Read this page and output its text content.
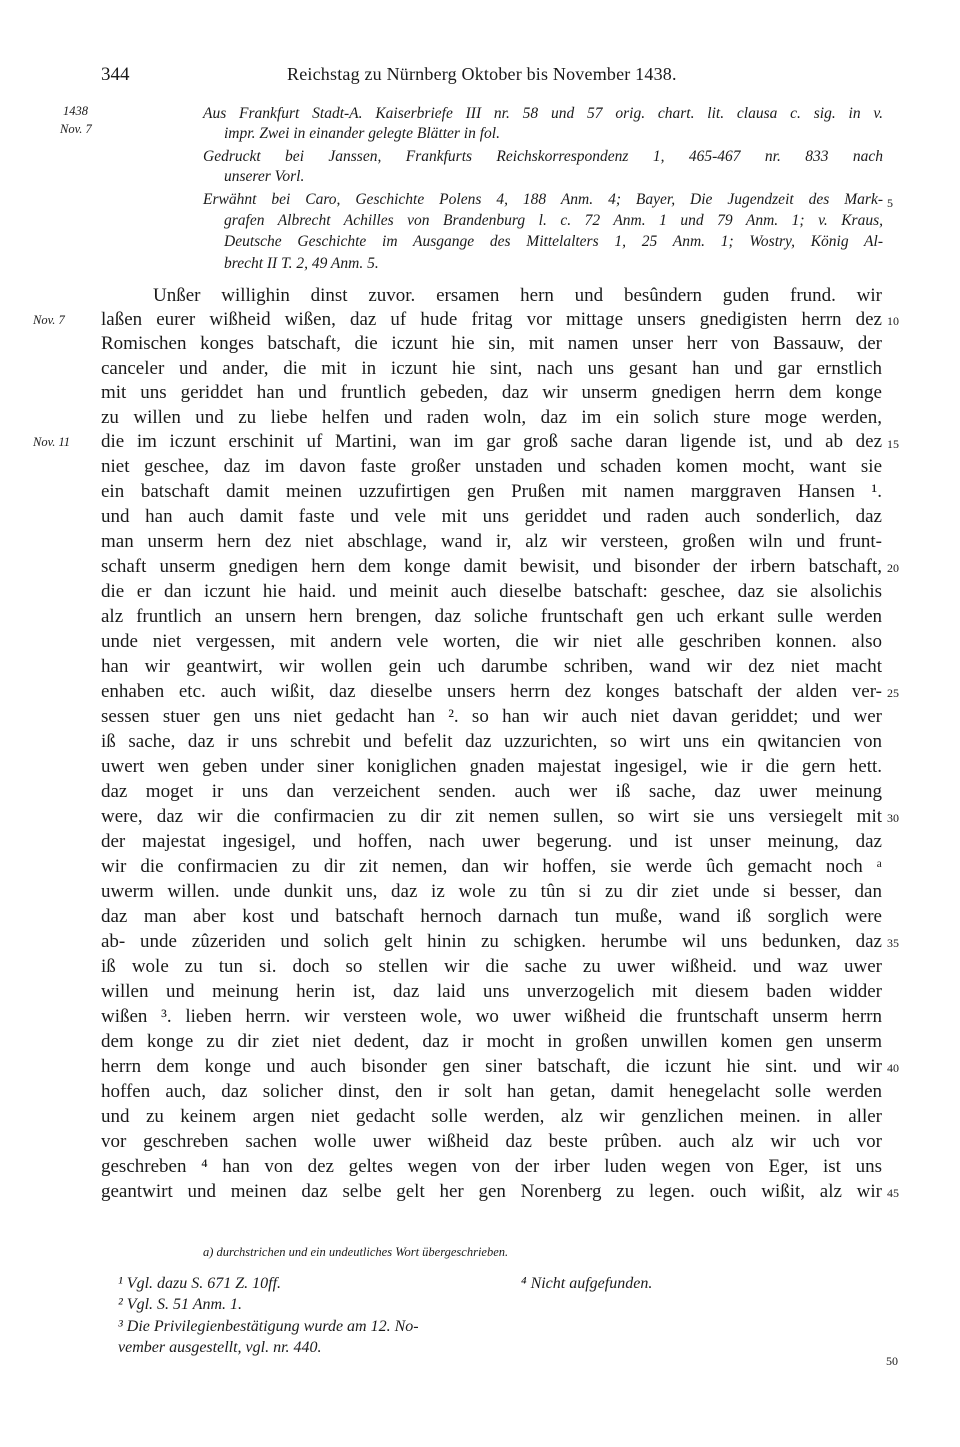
344	Reichstag zu Nürnberg Oktober bis November 1438.
1438
Nov. 7
Aus Frankfurt Stadt-A. Kaiserbriefe III nr. 58 und 57 orig. chart. lit. clausa c. sig. in v.
impr. Zwei in einander gelegte Blätter in fol.
Gedruckt bei Janssen, Frankfurts Reichskorrespondenz 1, 465-467 nr. 833 nach
unserer Vorl.
Erwähnt bei Caro, Geschichte Polens 4, 188 Anm. 4; Bayer, Die Jugendzeit des Mark-
grafen Albrecht Achilles von Brandenburg l. c. 72 Anm. 1 und 79 Anm. 1; v. Kraus,
Deutsche Geschichte im Ausgange des Mittelalters 1, 25 Anm. 1; Wostry, König Al-
brecht II T. 2, 49 Anm. 5.
5
Nov. 7
Nov. 11
Unßer willighin dinst zuvor. ersamen hern und besûndern guden frund. wir
laßen eurer wißheid wißen, daz uf hude fritag vor mittage unsers gnedigisten herrn dez
Romischen konges batschaft, die iczunt hie sin, mit namen unser herr von Bassauw, der
canceler und ander, die mit in iczunt hie sint, nach uns gesant han und gar ernstlich
mit uns geriddet han und fruntlich gebeden, daz wir unserm gnedigen herrn dem konge
zu willen und zu liebe helfen und raden woln, daz im ein solich sture moge werden,
die im iczunt erschinit uf Martini, wan im gar groß sache daran ligende ist, und ab dez
niet geschee, daz im davon faste großer unstaden und schaden komen mocht, want sie
ein batschaft damit meinen uzzufirtigen gen Prußen mit namen marggraven Hansen ¹.
und han auch damit faste und vele mit uns geriddet und raden auch sonderlich, daz
man unserm hern dez niet abschlage, wand ir, alz wir versteen, großen wiln und frunt-
schaft unserm gnedigen hern dem konge damit bewisit, und bisonder der irbern batschaft,
die er dan iczunt hie haid. und meinit auch dieselbe batschaft: geschee, daz sie alsolichis
alz fruntlich an unsern hern brengen, daz soliche fruntschaft gen uch erkant sulle werden
unde niet vergessen, mit andern vele worten, die wir niet alle geschriben konnen. also
han wir geantwirt, wir wollen gein uch darumbe schriben, wand wir dez niet macht
enhaben etc. auch wißit, daz dieselbe unsers herrn dez konges batschaft der alden ver-
sessen stuer gen uns niet gedacht han ². so han wir auch niet davan geriddet; und wer
iß sache, daz ir uns schrebit und befelit daz uzzurichten, so wirt uns ein qwitancien von
uwert wen geben under siner koniglichen gnaden majestat ingesigel, wie ir die gern hett.
daz moget ir uns dan verzeichent senden. auch wer iß sache, daz uwer meinung
were, daz wir die confirmacien zu dir zit nemen sullen, so wirt sie uns versiegelt mit
der majestat ingesigel, und hoffen, nach uwer begerung. und ist unser meinung, daz
wir die confirmacien zu dir zit nemen, dan wir hoffen, sie werde ûch gemacht noch ᵃ
uwerm willen. unde dunkit uns, daz iz wole zu tûn si zu dir ziet unde si besser, dan
daz man aber kost und batschaft hernoch darnach tun muße, wand iß sorglich were
ab- unde zûzeriden und solich gelt hinin zu schigken. herumbe wil uns bedunken, daz
iß wole zu tun si. doch so stellen wir die sache zu uwer wißheid. und waz uwer
willen und meinung herin ist, daz laid uns unverzogelich mit diesem baden widder
wißen ³. lieben herrn. wir versteen wole, wo uwer wißheid die fruntschaft unserm herrn
dem konge zu dir ziet niet dedent, daz ir mocht in großen unwillen komen gen unserm
herrn dem konge und auch bisonder gen siner batschaft, die iczunt hie sint. und wir
hoffen auch, daz solicher dinst, den ir solt han getan, damit henegelacht solle werden
und zu keinem argen niet gedacht solle werden, alz wir genzlichen meinen. in aller
vor geschreben sachen wolle uwer wißheid daz beste prûben. auch alz wir uch vor
geschreben ⁴ han von dez geltes wegen von der irber luden wegen von Eger, ist uns
geantwirt und meinen daz selbe gelt her gen Norenberg zu legen. ouch wißit, alz wir
10
15
20
25
30
35
40
45
a) durchstrichen und ein undeutliches Wort übergeschrieben.
¹ Vgl. dazu S. 671 Z. 10ff.
² Vgl. S. 51 Anm. 1.
³ Die Privilegienbestätigung wurde am 12. No-
vember ausgestellt, vgl. nr. 440.
⁴ Nicht aufgefunden.
50
